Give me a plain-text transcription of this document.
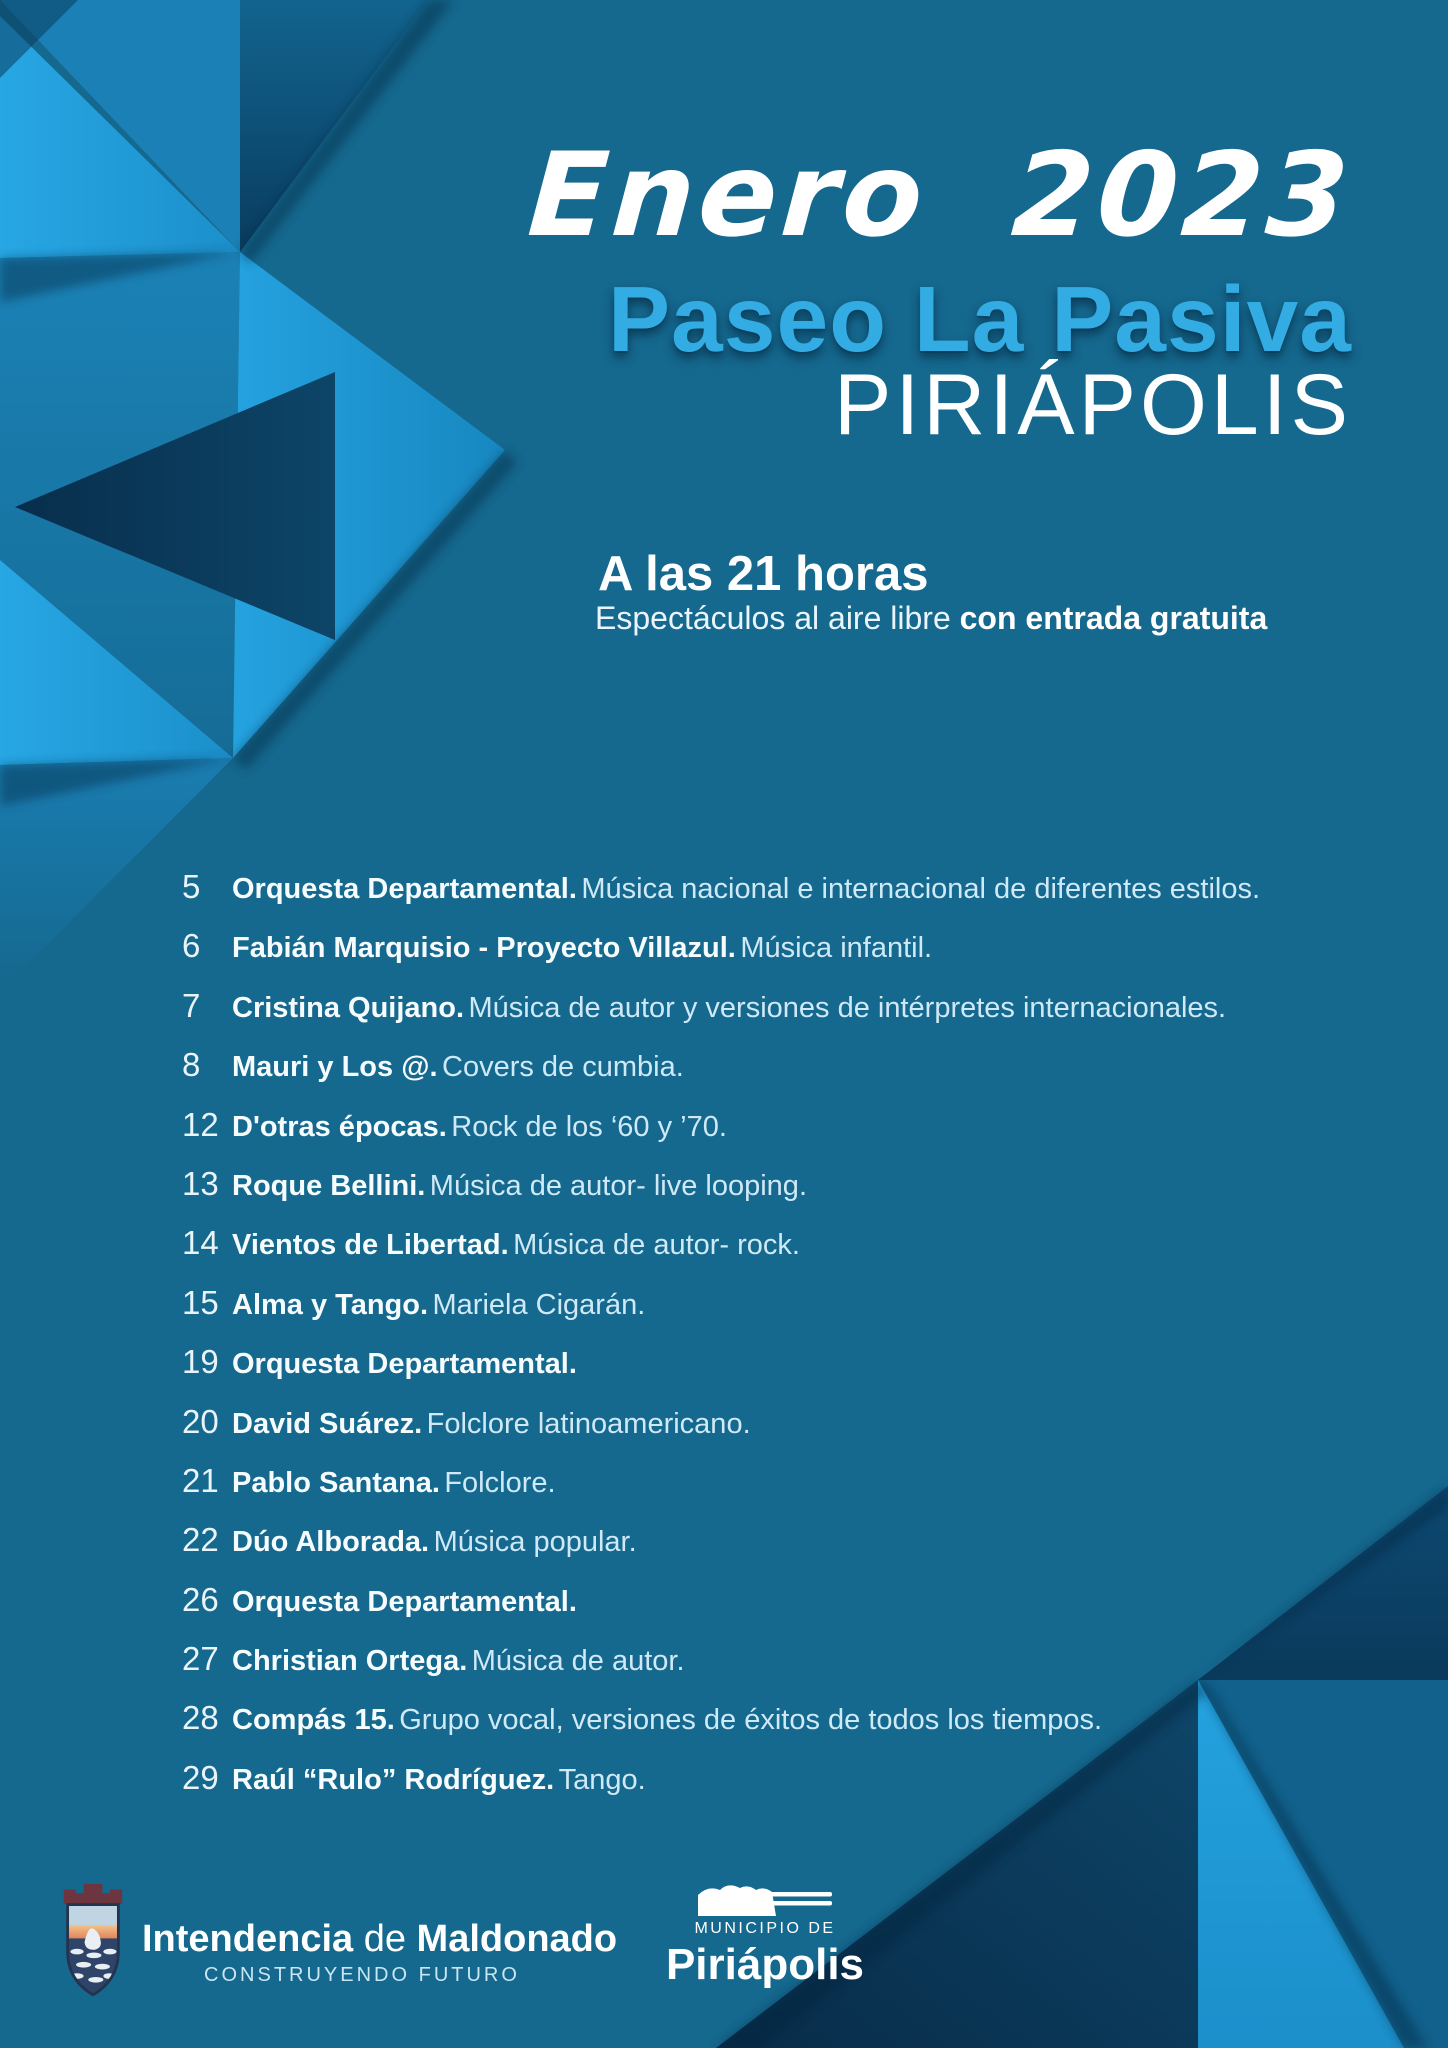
Enero 2023
Paseo La Pasiva
PIRIÁPOLIS
A las 21 horas
Espectáculos al aire libre con entrada gratuita
5 Orquesta Departamental. Música nacional e internacional de diferentes estilos.
6 Fabián Marquisio - Proyecto Villazul. Música infantil.
7 Cristina Quijano. Música de autor y versiones de intérpretes internacionales.
8 Mauri y Los @. Covers de cumbia.
12 D'otras épocas. Rock de los ‘60 y ’70.
13 Roque Bellini. Música de autor- live looping.
14 Vientos de Libertad. Música de autor- rock.
15 Alma y Tango. Mariela Cigarán.
19 Orquesta Departamental.
20 David Suárez. Folclore latinoamericano.
21 Pablo Santana. Folclore.
22 Dúo Alborada. Música popular.
26 Orquesta Departamental.
27 Christian Ortega. Música de autor.
28 Compás 15. Grupo vocal, versiones de éxitos de todos los tiempos.
29 Raúl “Rulo” Rodríguez. Tango.
Intendencia de Maldonado
CONSTRUYENDO FUTURO
MUNICIPIO DE
Piriápolis
